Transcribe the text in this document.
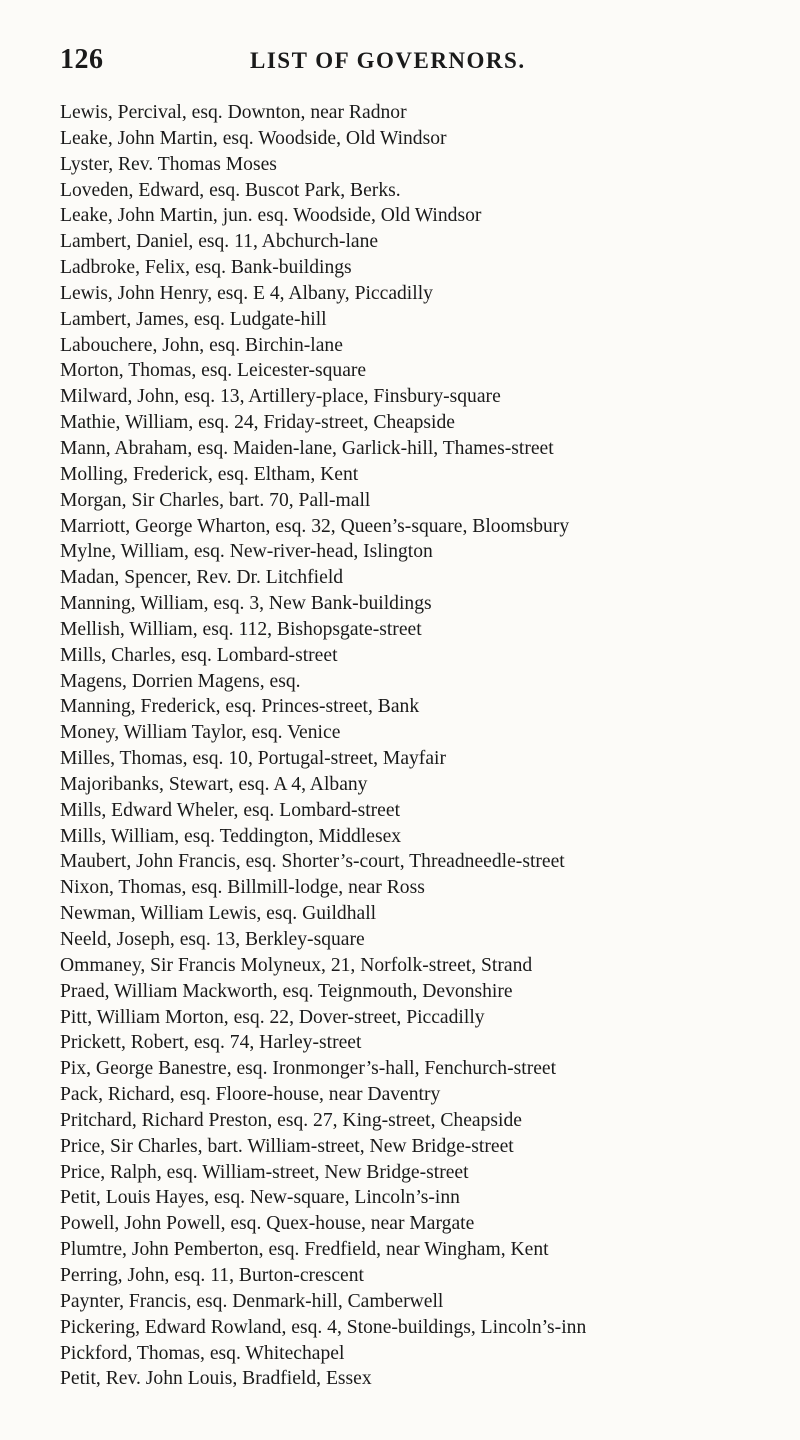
126	LIST OF GOVERNORS.
Lewis, Percival, esq. Downton, near Radnor
Leake, John Martin, esq. Woodside, Old Windsor
Lyster, Rev. Thomas Moses
Loveden, Edward, esq. Buscot Park, Berks.
Leake, John Martin, jun. esq. Woodside, Old Windsor
Lambert, Daniel, esq. 11, Abchurch-lane
Ladbroke, Felix, esq. Bank-buildings
Lewis, John Henry, esq. E 4, Albany, Piccadilly
Lambert, James, esq. Ludgate-hill
Labouchere, John, esq. Birchin-lane
Morton, Thomas, esq. Leicester-square
Milward, John, esq. 13, Artillery-place, Finsbury-square
Mathie, William, esq. 24, Friday-street, Cheapside
Mann, Abraham, esq. Maiden-lane, Garlick-hill, Thames-street
Molling, Frederick, esq. Eltham, Kent
Morgan, Sir Charles, bart. 70, Pall-mall
Marriott, George Wharton, esq. 32, Queen’s-square, Bloomsbury
Mylne, William, esq. New-river-head, Islington
Madan, Spencer, Rev. Dr. Litchfield
Manning, William, esq. 3, New Bank-buildings
Mellish, William, esq. 112, Bishopsgate-street
Mills, Charles, esq. Lombard-street
Magens, Dorrien Magens, esq.
Manning, Frederick, esq. Princes-street, Bank
Money, William Taylor, esq. Venice
Milles, Thomas, esq. 10, Portugal-street, Mayfair
Majoribanks, Stewart, esq. A 4, Albany
Mills, Edward Wheler, esq. Lombard-street
Mills, William, esq. Teddington, Middlesex
Maubert, John Francis, esq. Shorter’s-court, Threadneedle-street
Nixon, Thomas, esq. Billmill-lodge, near Ross
Newman, William Lewis, esq. Guildhall
Neeld, Joseph, esq. 13, Berkley-square
Ommaney, Sir Francis Molyneux, 21, Norfolk-street, Strand
Praed, William Mackworth, esq. Teignmouth, Devonshire
Pitt, William Morton, esq. 22, Dover-street, Piccadilly
Prickett, Robert, esq. 74, Harley-street
Pix, George Banestre, esq. Ironmonger’s-hall, Fenchurch-street
Pack, Richard, esq. Floore-house, near Daventry
Pritchard, Richard Preston, esq. 27, King-street, Cheapside
Price, Sir Charles, bart. William-street, New Bridge-street
Price, Ralph, esq. William-street, New Bridge-street
Petit, Louis Hayes, esq. New-square, Lincoln’s-inn
Powell, John Powell, esq. Quex-house, near Margate
Plumtre, John Pemberton, esq. Fredfield, near Wingham, Kent
Perring, John, esq. 11, Burton-crescent
Paynter, Francis, esq. Denmark-hill, Camberwell
Pickering, Edward Rowland, esq. 4, Stone-buildings, Lincoln’s-inn
Pickford, Thomas, esq. Whitechapel
Petit, Rev. John Louis, Bradfield, Essex
